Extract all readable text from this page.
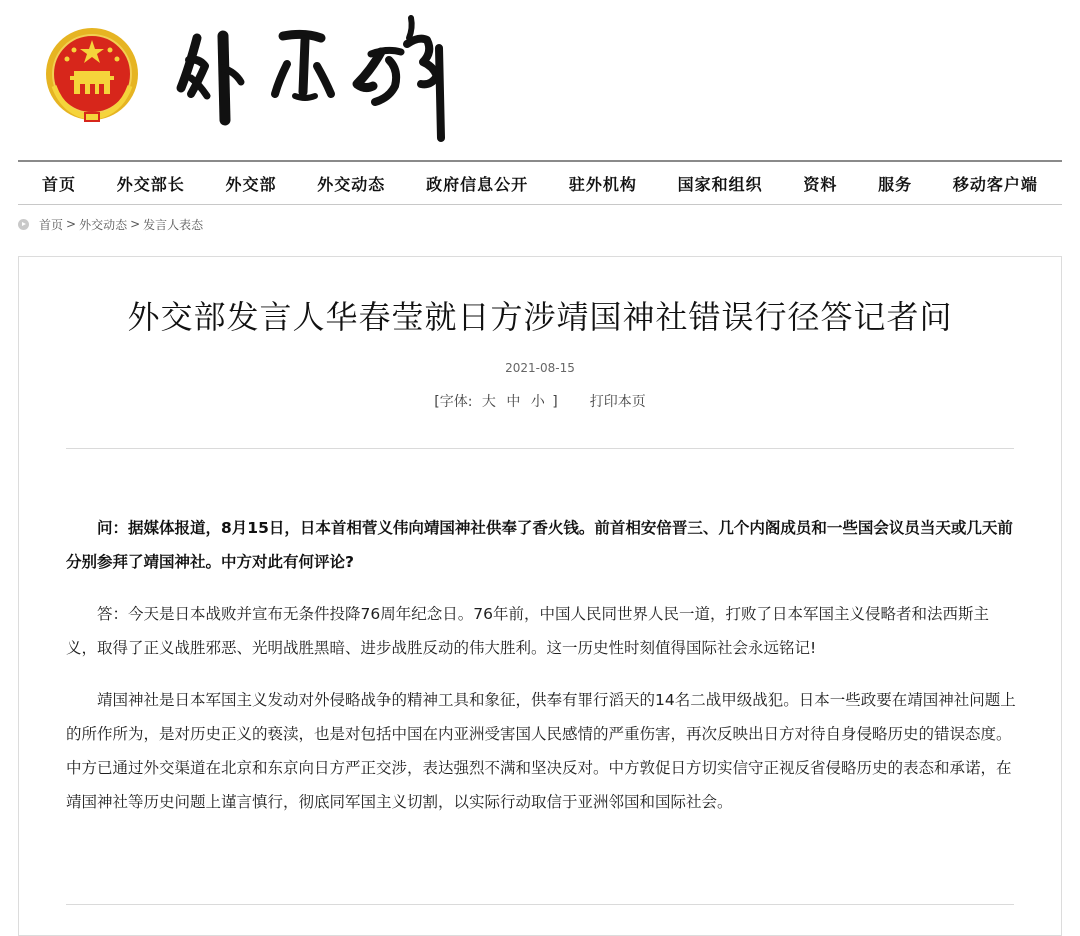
首页	外交部长	外交部	外交动态	政府信息公开	驻外机构	国家和组织	资料	服务	移动客户端
首页 > 外交动态 > 发言人表态
外交部发言人华春莹就日方涉靖国神社错误行径答记者问
2021-08-15
[字体: 大 中 小 ] 打印本页

问：据媒体报道，8月15日，日本首相菅义伟向靖国神社供奉了香火钱。前首相安倍晋三、几个内阁成员和一些国会议员当天或几天前分别参拜了靖国神社。中方对此有何评论?

答：今天是日本战败并宣布无条件投降76周年纪念日。76年前，中国人民同世界人民一道，打败了日本军国主义侵略者和法西斯主义，取得了正义战胜邪恶、光明战胜黑暗、进步战胜反动的伟大胜利。这一历史性时刻值得国际社会永远铭记!

靖国神社是日本军国主义发动对外侵略战争的精神工具和象征，供奉有罪行滔天的14名二战甲级战犯。日本一些政要在靖国神社问题上的所作所为，是对历史正义的亵渎，也是对包括中国在内亚洲受害国人民感情的严重伤害，再次反映出日方对待自身侵略历史的错误态度。中方已通过外交渠道在北京和东京向日方严正交涉，表达强烈不满和坚决反对。中方敦促日方切实信守正视反省侵略历史的表态和承诺，在靖国神社等历史问题上谨言慎行，彻底同军国主义切割，以实际行动取信于亚洲邻国和国际社会。
